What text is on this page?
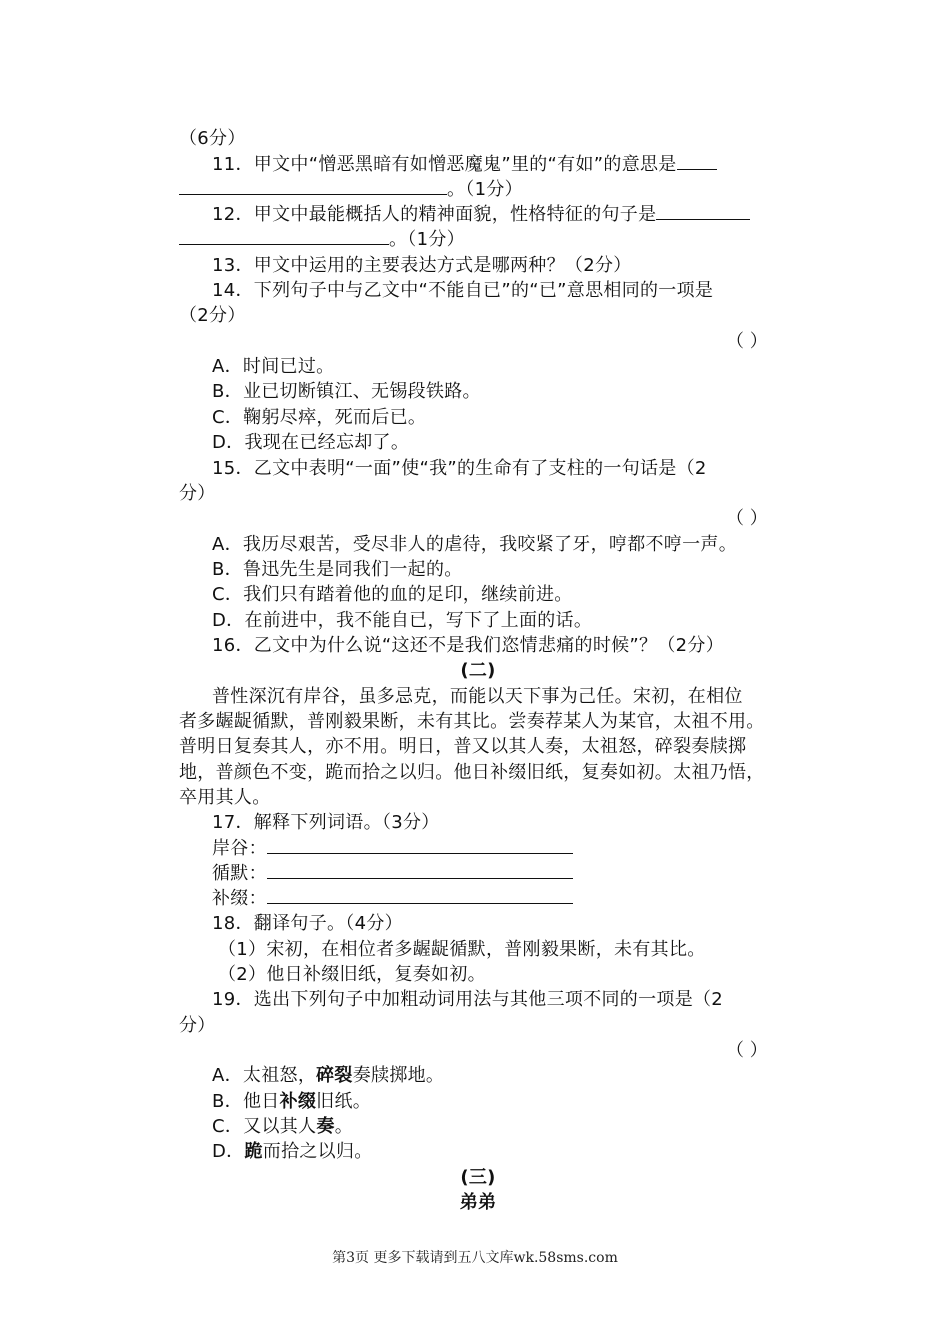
（6分）
11．甲文中“憎恶黑暗有如憎恶魔鬼”里的“有如”的意思是
。（1分）
12．甲文中最能概括人的精神面貌，性格特征的句子是
。（1分）
13．甲文中运用的主要表达方式是哪两种？（2分）
14．下列句子中与乙文中“不能自已”的“已”意思相同的一项是
（2分）
（ ）
A．时间已过。
B．业已切断镇江、无锡段铁路。
C．鞠躬尽瘁，死而后已。
D．我现在已经忘却了。
15．乙文中表明“一面”使“我”的生命有了支柱的一句话是（2
分）
（ ）
A．我历尽艰苦，受尽非人的虐待，我咬紧了牙，哼都不哼一声。
B．鲁迅先生是同我们一起的。
C．我们只有踏着他的血的足印，继续前进。
D．在前进中，我不能自已，写下了上面的话。
16．乙文中为什么说“这还不是我们恣情悲痛的时候”？（2分）
(二)
普性深沉有岸谷，虽多忌克，而能以天下事为己任。宋初，在相位
者多龌龊循默，普刚毅果断，未有其比。尝奏荐某人为某官，太祖不用。
普明日复奏其人，亦不用。明日，普又以其人奏，太祖怒，碎裂奏牍掷
地，普颜色不变，跪而拾之以归。他日补缀旧纸，复奏如初。太祖乃悟，
卒用其人。
17．解释下列词语。（3分）
岸谷：
循默：
补缀：
18．翻译句子。（4分）
（1）宋初，在相位者多龌龊循默，普刚毅果断，未有其比。
（2）他日补缀旧纸，复奏如初。
19．选出下列句子中加粗动词用法与其他三项不同的一项是（2
分）
（ ）
A．太祖怒，碎裂奏牍掷地。
B．他日补缀旧纸。
C．又以其人奏。
D．跪而拾之以归。
(三)
弟弟
第3页 更多下载请到五八文库wk.58sms.com
